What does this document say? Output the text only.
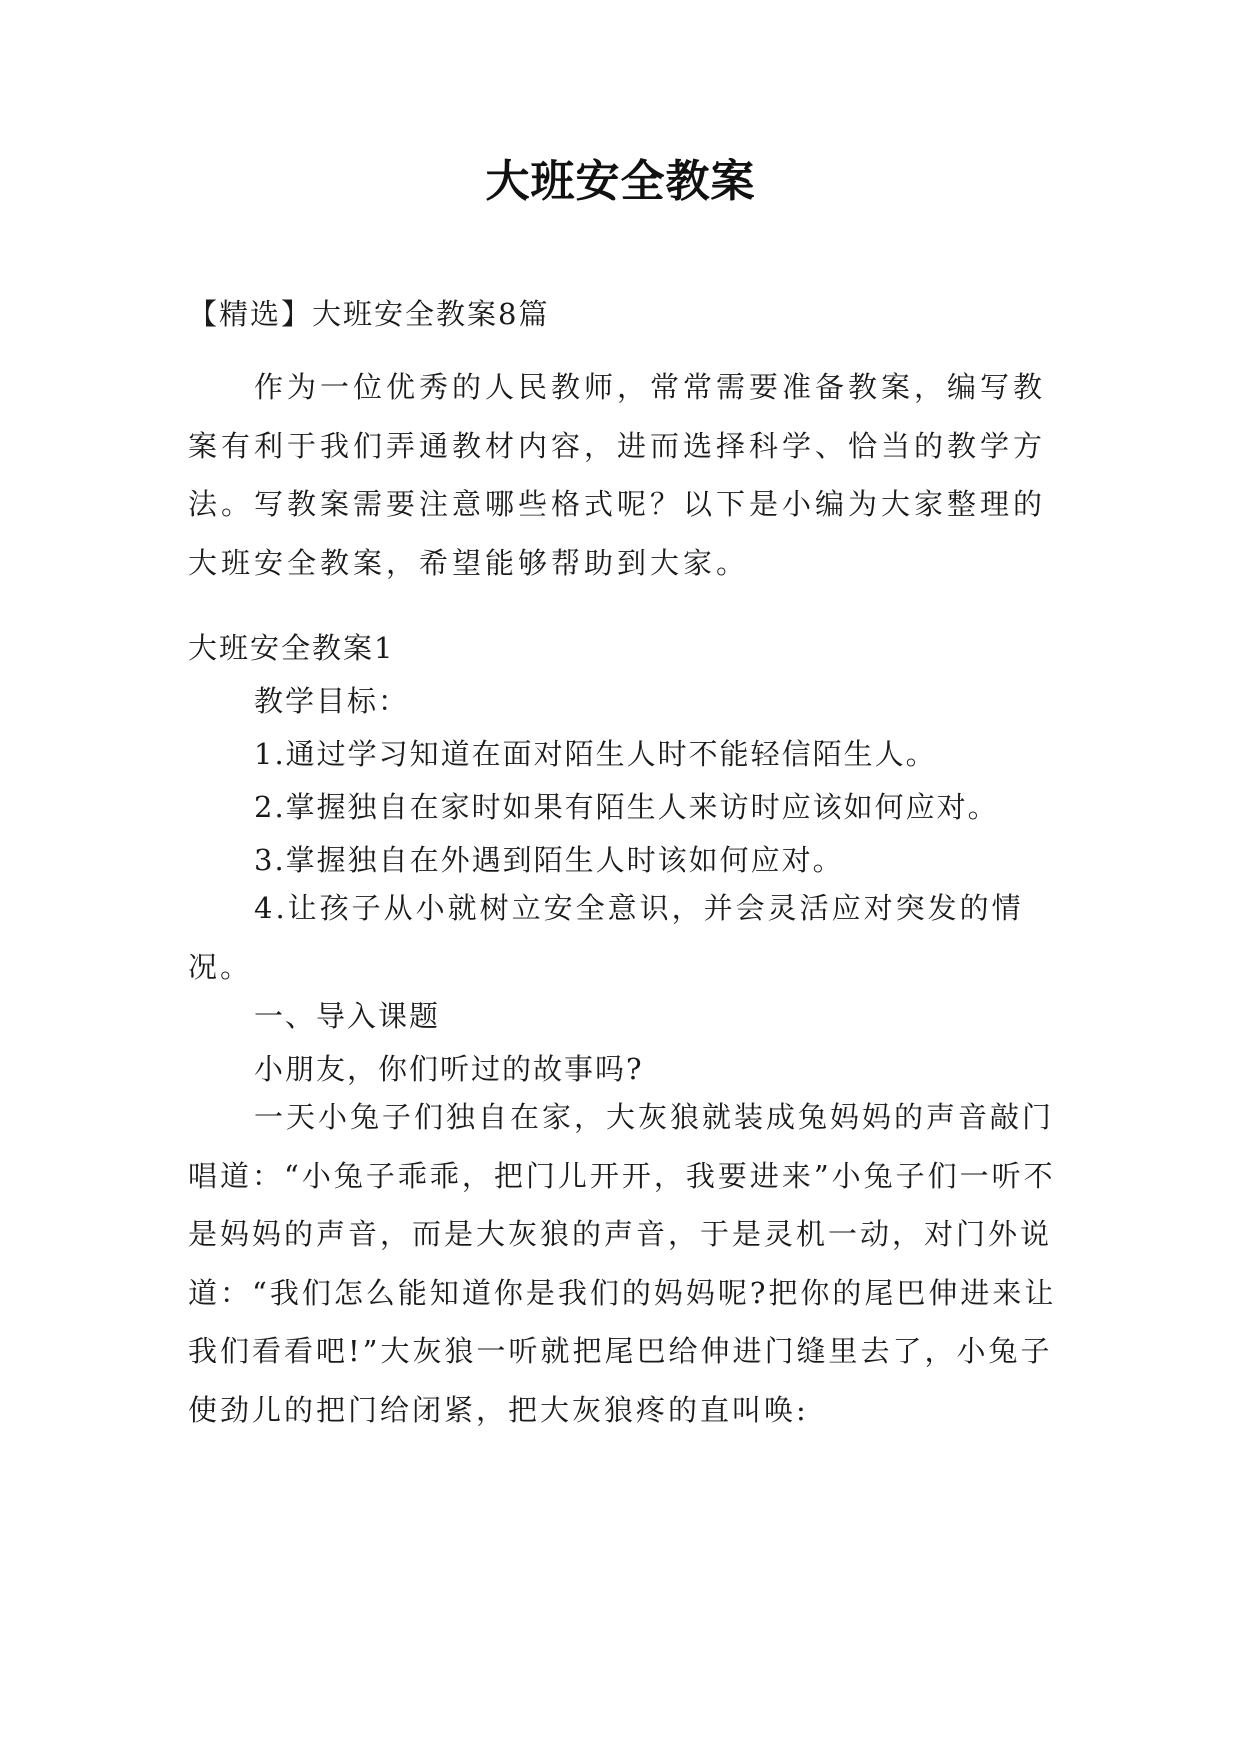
大班安全教案
【精选】大班安全教案8篇

作为一位优秀的人民教师，常常需要准备教案，编写教案有利于我们弄通教材内容，进而选择科学、恰当的教学方法。写教案需要注意哪些格式呢？以下是小编为大家整理的大班安全教案，希望能够帮助到大家。

大班安全教案1
教学目标：
1.通过学习知道在面对陌生人时不能轻信陌生人。
2.掌握独自在家时如果有陌生人来访时应该如何应对。
3.掌握独自在外遇到陌生人时该如何应对。

4.让孩子从小就树立安全意识，并会灵活应对突发的情况。

一、导入课题
小朋友，你们听过的故事吗?

一天小兔子们独自在家，大灰狼就装成兔妈妈的声音敲门唱道：“小兔子乖乖，把门儿开开，我要进来”小兔子们一听不是妈妈的声音，而是大灰狼的声音，于是灵机一动，对门外说道：“我们怎么能知道你是我们的妈妈呢?把你的尾巴伸进来让我们看看吧!”大灰狼一听就把尾巴给伸进门缝里去了，小兔子使劲儿的把门给闭紧，把大灰狼疼的直叫唤:
